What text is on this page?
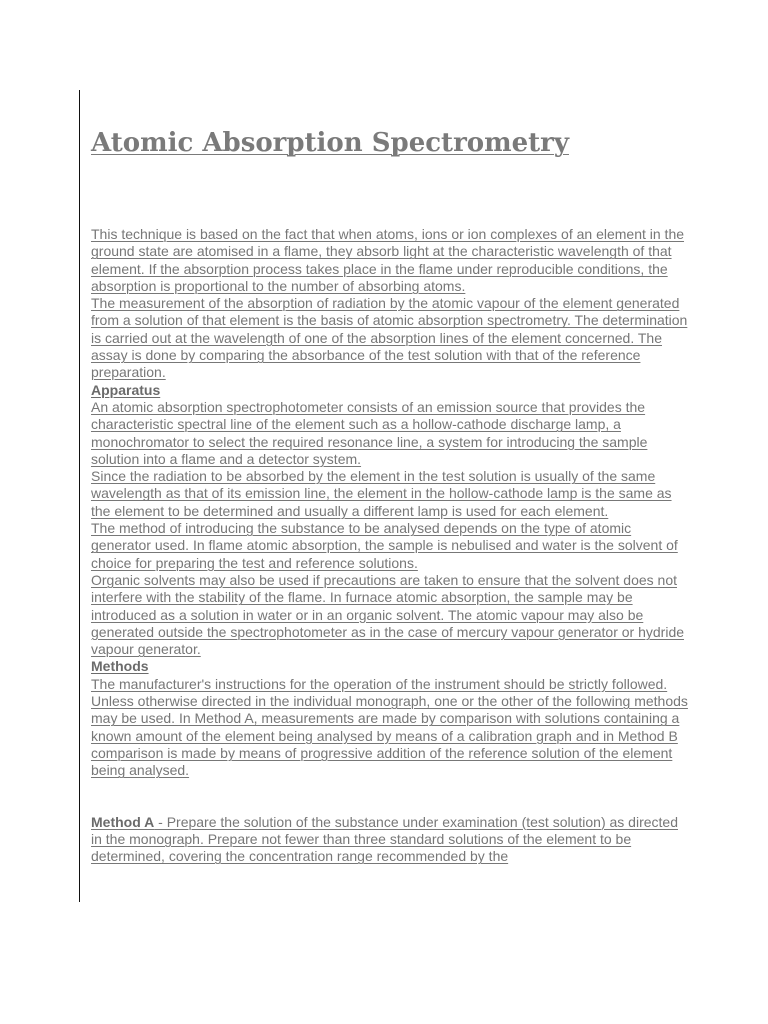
Atomic Absorption Spectrometry

This technique is based on the fact that when atoms, ions or ion complexes of an element in the ground state are atomised in a flame, they absorb light at the characteristic wavelength of that element. If the absorption process takes place in the flame under reproducible conditions, the absorption is proportional to the number of absorbing atoms.

The measurement of the absorption of radiation by the atomic vapour of the element generated from a solution of that element is the basis of atomic absorption spectrometry. The determination is carried out at the wavelength of one of the absorption lines of the element concerned. The assay is done by comparing the absorbance of the test solution with that of the reference preparation.

Apparatus

An atomic absorption spectrophotometer consists of an emission source that provides the characteristic spectral line of the element such as a hollow-cathode discharge lamp, a monochromator to select the required resonance line, a system for introducing the sample solution into a flame and a detector system.

Since the radiation to be absorbed by the element in the test solution is usually of the same wavelength as that of its emission line, the element in the hollow-cathode lamp is the same as the element to be determined and usually a different lamp is used for each element.

The method of introducing the substance to be analysed depends on the type of atomic generator used. In flame atomic absorption, the sample is nebulised and water is the solvent of choice for preparing the test and reference solutions.

Organic solvents may also be used if precautions are taken to ensure that the solvent does not interfere with the stability of the flame. In furnace atomic absorption, the sample may be introduced as a solution in water or in an organic solvent. The atomic vapour may also be generated outside the spectrophotometer as in the case of mercury vapour generator or hydride vapour generator.

Methods

The manufacturer's instructions for the operation of the instrument should be strictly followed. Unless otherwise directed in the individual monograph, one or the other of the following methods may be used. In Method A, measurements are made by comparison with solutions containing a known amount of the element being analysed by means of a calibration graph and in Method B comparison is made by means of progressive addition of the reference solution of the element being analysed.

Method A - Prepare the solution of the substance under examination (test solution) as directed in the monograph. Prepare not fewer than three standard solutions of the element to be determined, covering the concentration range recommended by the
